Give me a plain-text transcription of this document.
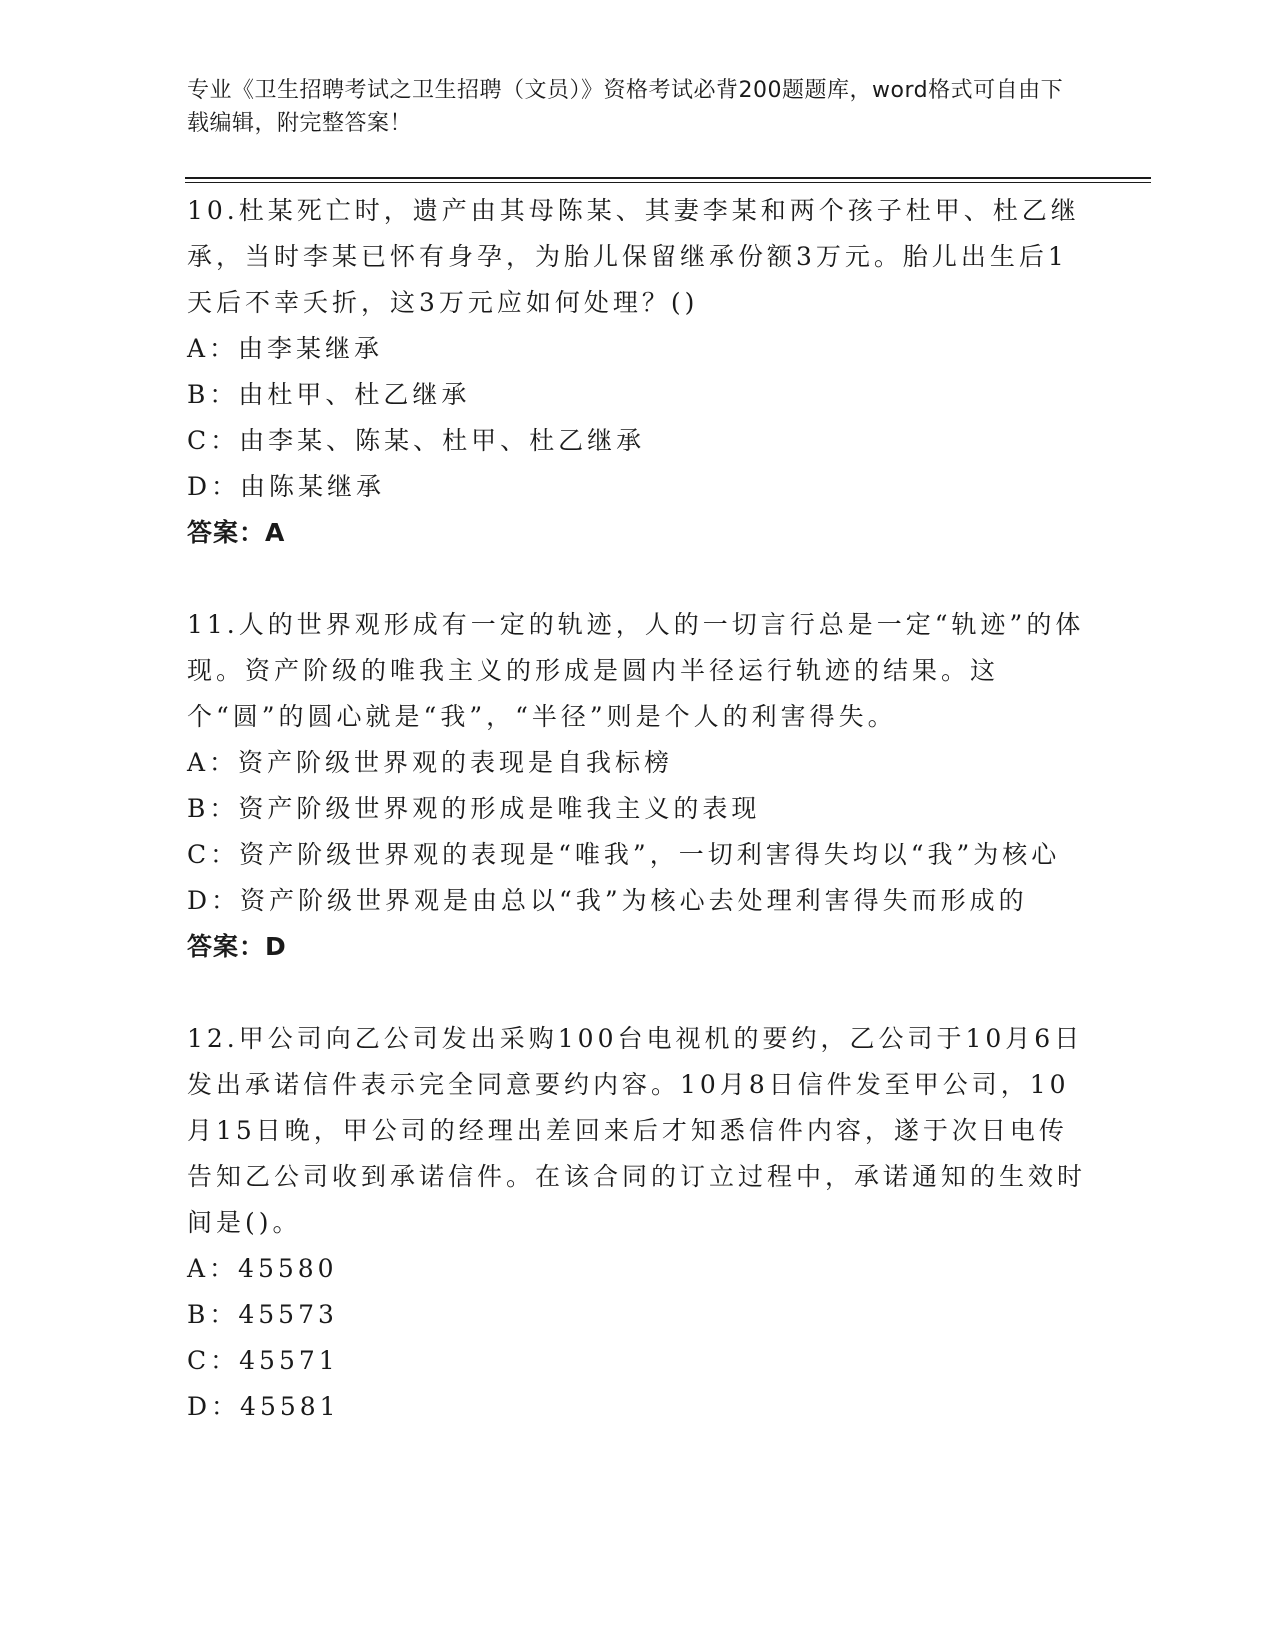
专业《卫生招聘考试之卫生招聘（文员）》资格考试必背200题题库，word格式可自由下载编辑，附完整答案！

10.杜某死亡时，遗产由其母陈某、其妻李某和两个孩子杜甲、杜乙继承，当时李某已怀有身孕，为胎儿保留继承份额3万元。胎儿出生后1天后不幸夭折，这3万元应如何处理？()

A：由李某继承

B：由杜甲、杜乙继承

C：由李某、陈某、杜甲、杜乙继承

D：由陈某继承

答案：A

11.人的世界观形成有一定的轨迹，人的一切言行总是一定“轨迹”的体现。资产阶级的唯我主义的形成是圆内半径运行轨迹的结果。这个“圆”的圆心就是“我”，“半径”则是个人的利害得失。

A：资产阶级世界观的表现是自我标榜

B：资产阶级世界观的形成是唯我主义的表现

C：资产阶级世界观的表现是“唯我”，一切利害得失均以“我”为核心

D：资产阶级世界观是由总以“我”为核心去处理利害得失而形成的

答案：D

12.甲公司向乙公司发出采购100台电视机的要约，乙公司于10月6日发出承诺信件表示完全同意要约内容。10月8日信件发至甲公司，10月15日晚，甲公司的经理出差回来后才知悉信件内容，遂于次日电传告知乙公司收到承诺信件。在该合同的订立过程中，承诺通知的生效时间是()。

A：45580

B：45573

C：45571

D：45581
